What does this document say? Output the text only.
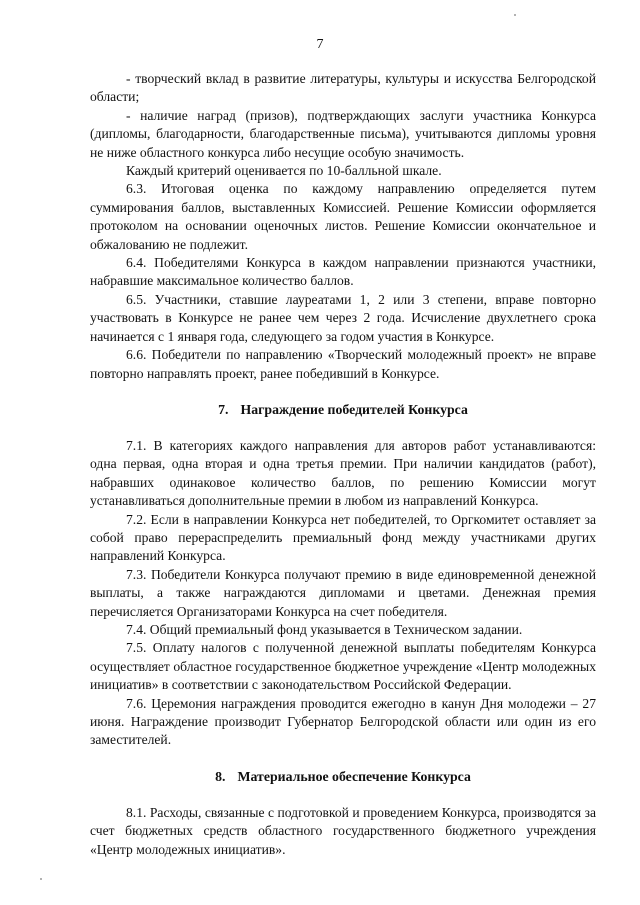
7

- творческий вклад в развитие литературы, культуры и искусства Белгородской области;

- наличие наград (призов), подтверждающих заслуги участника Конкурса (дипломы, благодарности, благодарственные письма), учитываются дипломы уровня не ниже областного конкурса либо несущие особую значимость.

Каждый критерий оценивается по 10-балльной шкале.

6.3. Итоговая оценка по каждому направлению определяется путем суммирования баллов, выставленных Комиссией. Решение Комиссии оформляется протоколом на основании оценочных листов. Решение Комиссии окончательное и обжалованию не подлежит.

6.4. Победителями Конкурса в каждом направлении признаются участники, набравшие максимальное количество баллов.

6.5. Участники, ставшие лауреатами 1, 2 или 3 степени, вправе повторно участвовать в Конкурсе не ранее чем через 2 года. Исчисление двухлетнего срока начинается с 1 января года, следующего за годом участия в Конкурсе.

6.6. Победители по направлению «Творческий молодежный проект» не вправе повторно направлять проект, ранее победивший в Конкурсе.

7. Награждение победителей Конкурса

7.1. В категориях каждого направления для авторов работ устанавливаются: одна первая, одна вторая и одна третья премии. При наличии кандидатов (работ), набравших одинаковое количество баллов, по решению Комиссии могут устанавливаться дополнительные премии в любом из направлений Конкурса.

7.2. Если в направлении Конкурса нет победителей, то Оргкомитет оставляет за собой право перераспределить премиальный фонд между участниками других направлений Конкурса.

7.3. Победители Конкурса получают премию в виде единовременной денежной выплаты, а также награждаются дипломами и цветами. Денежная премия перечисляется Организаторами Конкурса на счет победителя.

7.4. Общий премиальный фонд указывается в Техническом задании.

7.5. Оплату налогов с полученной денежной выплаты победителям Конкурса осуществляет областное государственное бюджетное учреждение «Центр молодежных инициатив» в соответствии с законодательством Российской Федерации.

7.6. Церемония награждения проводится ежегодно в канун Дня молодежи – 27 июня. Награждение производит Губернатор Белгородской области или один из его заместителей.

8. Материальное обеспечение Конкурса

8.1. Расходы, связанные с подготовкой и проведением Конкурса, производятся за счет бюджетных средств областного государственного бюджетного учреждения «Центр молодежных инициатив».
